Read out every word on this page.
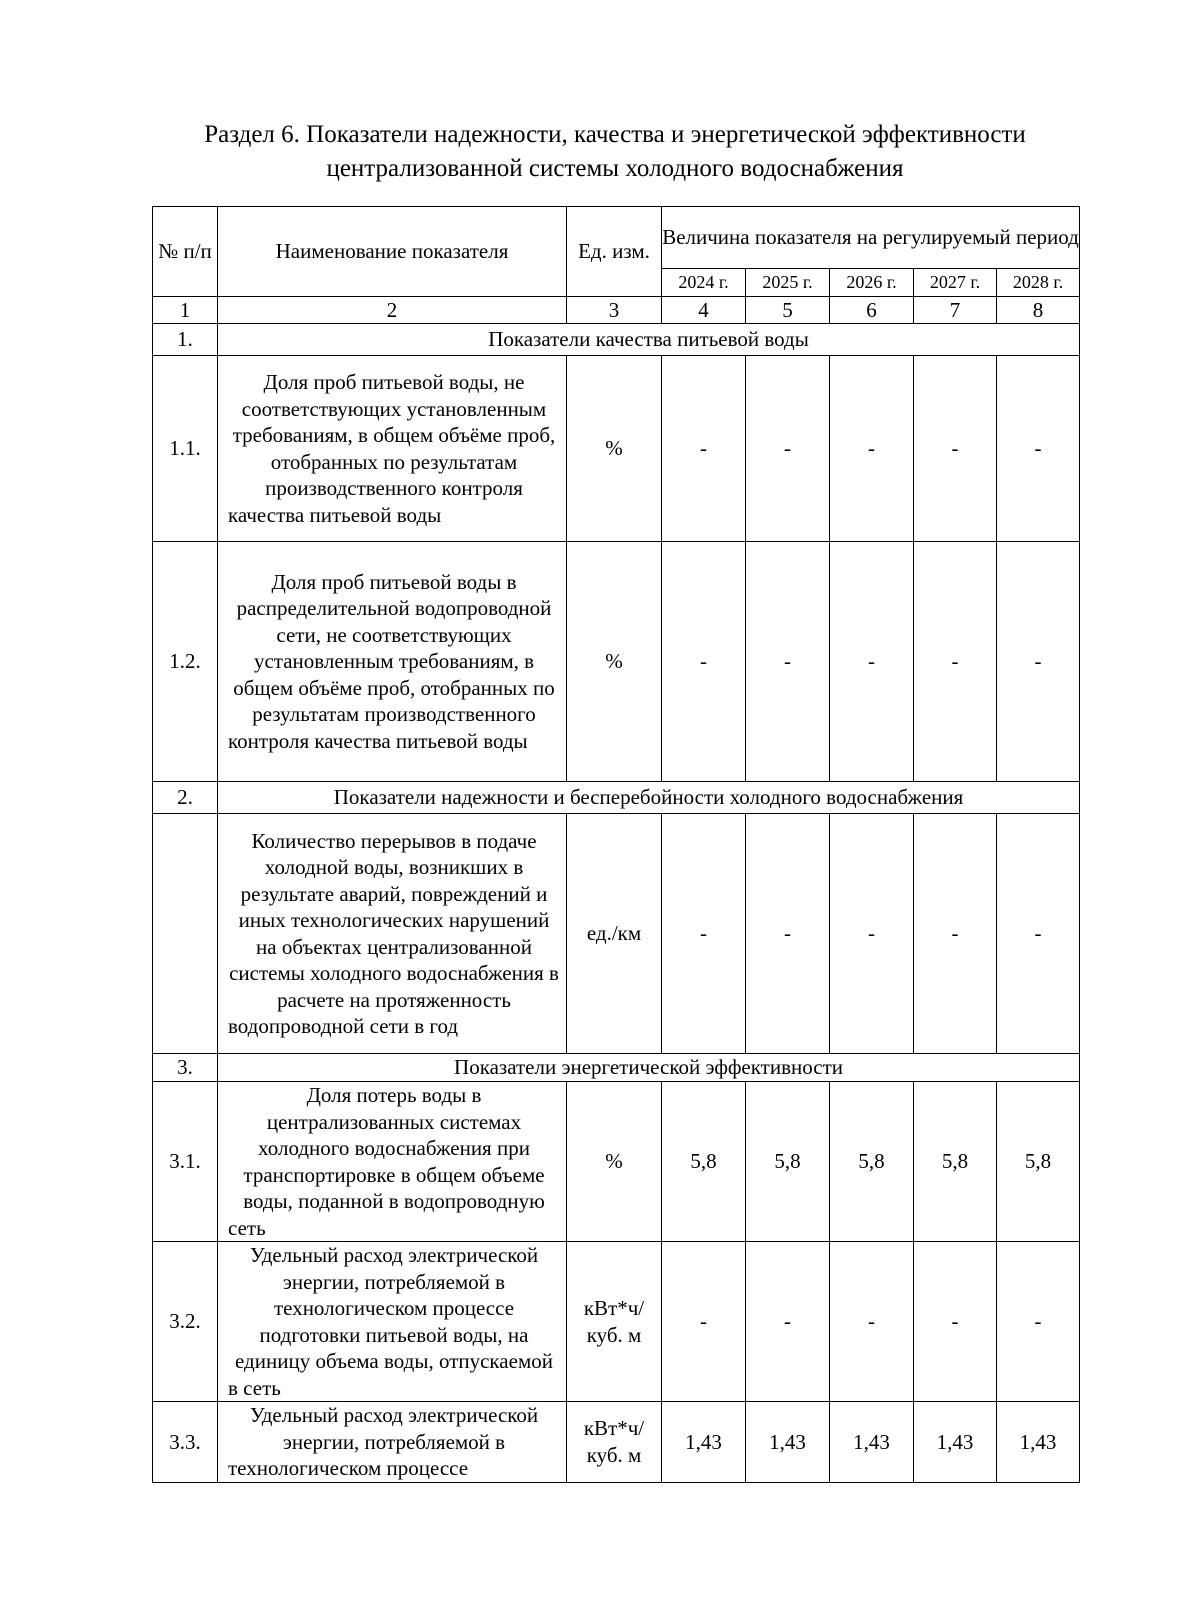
Раздел 6. Показатели надежности, качества и энергетической эффективности
централизованной системы холодного водоснабжения
№ п/п	Наименование показателя	Ед. изм.	Величина показателя на регулируемый период				
			2024 г.	2025 г.	2026 г.	2027 г.	2028 г.
1	2	3	4	5	6	7	8
1.	Показатели качества питьевой воды						
1.1.	Доля проб питьевой воды, не соответствующих установленным требованиям, в общем объёме проб, отобранных по результатам производственного контроля качества питьевой воды	%	-	-	-	-	-
1.2.	Доля проб питьевой воды в распределительной водопроводной сети, не соответствующих установленным требованиям, в общем объёме проб, отобранных по результатам производственного контроля качества питьевой воды	%	-	-	-	-	-
2.	Показатели надежности и бесперебойности холодного водоснабжения						
	Количество перерывов в подаче холодной воды, возникших в результате аварий, повреждений и иных технологических нарушений на объектах централизованной системы холодного водоснабжения в расчете на протяженность водопроводной сети в год	ед./км	-	-	-	-	-
3.	Показатели энергетической эффективности						
3.1.	Доля потерь воды в централизованных системах холодного водоснабжения при транспортировке в общем объеме воды, поданной в водопроводную сеть	%	5,8	5,8	5,8	5,8	5,8
3.2.	Удельный расход электрической энергии, потребляемой в технологическом процессе подготовки питьевой воды, на единицу объема воды, отпускаемой в сеть	кВт*ч/ куб. м	-	-	-	-	-
3.3.	Удельный расход электрической энергии, потребляемой в технологическом процессе	кВт*ч/ куб. м	1,43	1,43	1,43	1,43	1,43
